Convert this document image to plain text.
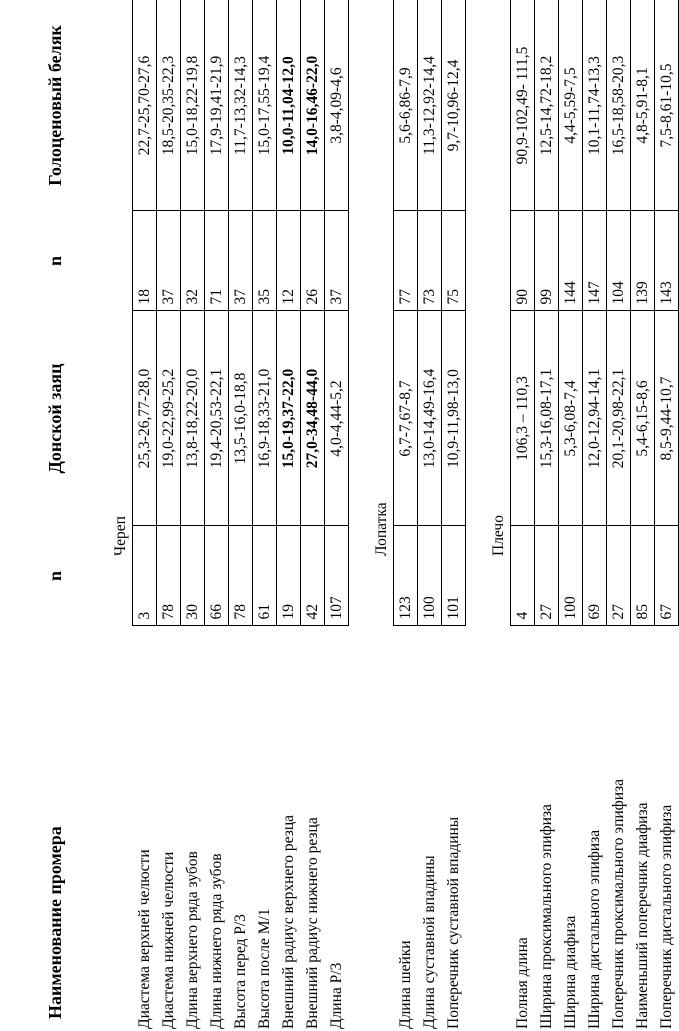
Наименование промера	n	Донской заяц	n	Голоценовый беляк
	Череп			
Диастема верхней челюсти	3	25,3-26,77-28,0	18	22,7-25,70-27,6
Диастема нижней челюсти	78	19,0-22,99-25,2	37	18,5-20,35-22,3
Длина верхнего ряда зубов	30	13,8-18,22-20,0	32	15,0-18,22-19,8
Длина нижнего ряда зубов	66	19,4-20,53-22,1	71	17,9-19,41-21,9
Высота перед P/3	78	13,5-16,0-18,8	37	11,7-13,32-14,3
Высота после M/1	61	16,9-18,33-21,0	35	15,0-17,55-19,4
Внешний радиус верхнего резца	19	15,0-19,37-22,0	12	10,0-11,04-12,0
Внешний радиус нижнего резца	42	27,0-34,48-44,0	26	14,0-16,46-22,0
Длина P/3	107	4,0-4,44-5,2	37	3,8-4,09-4,6

	Лопатка			
Длина шейки	123	6,7-7,67-8,7	77	5,6-6,86-7,9
Длина суставной впадины	100	13,0-14,49-16,4	73	11,3-12,92-14,4
Поперечник суставной впадины	101	10,9-11,98-13,0	75	9,7-10,96-12,4

	Плечо			
Полная длина	4	106,3 – 110,3	90	90,9-102,49- 111,5
Ширина проксимального эпифиза	27	15,3-16,08-17,1	99	12,5-14,72-18,2
Ширина диафиза	100	5,3-6,08-7,4	144	4,4-5,59-7,5
Ширина дистального эпифиза	69	12,0-12,94-14,1	147	10,1-11,74-13,3
Поперечник проксимального эпифиза	27	20,1-20,98-22,1	104	16,5-18,58-20,3
Наименьший поперечник диафиза	85	5,4-6,15-8,6	139	4,8-5,91-8,1
Поперечник дистального эпифиза	67	8,5-9,44-10,7	143	7,5-8,61-10,5
